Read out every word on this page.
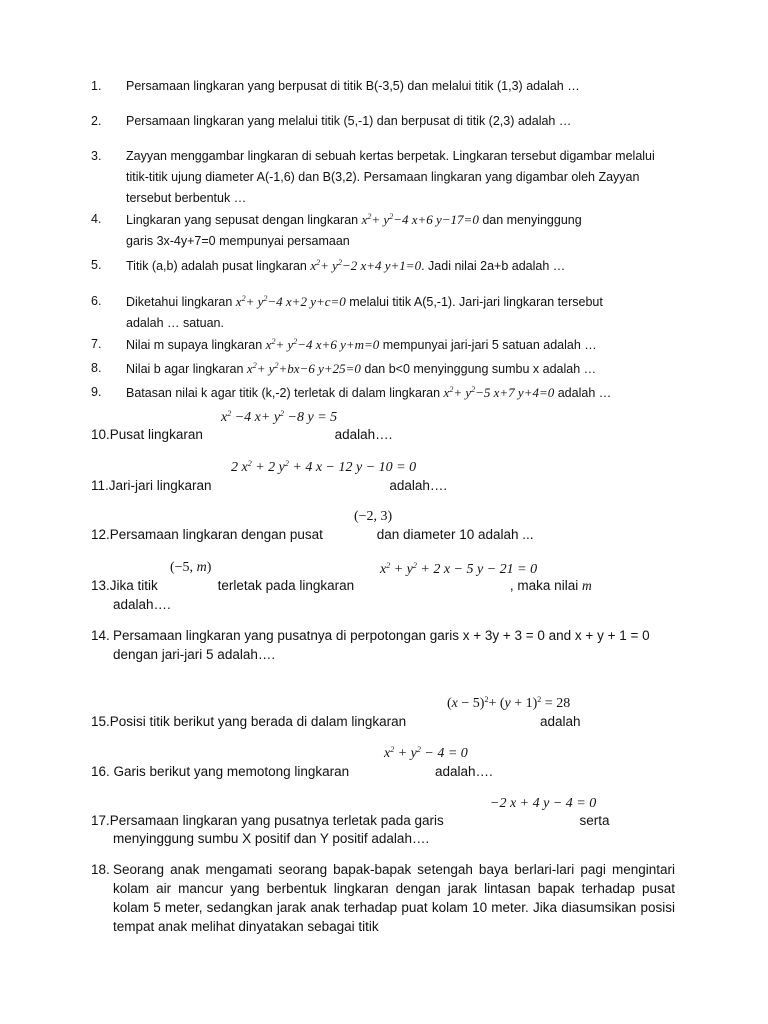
1. Persamaan lingkaran yang berpusat di titik B(-3,5) dan melalui titik (1,3) adalah …
2. Persamaan lingkaran yang melalui titik (5,-1) dan berpusat di titik (2,3) adalah …
3. Zayyan menggambar lingkaran di sebuah kertas berpetak. Lingkaran tersebut digambar melalui titik-titik ujung diameter A(-1,6) dan B(3,2). Persamaan lingkaran yang digambar oleh Zayyan tersebut berbentuk …
4. Lingkaran yang sepusat dengan lingkaran $x^2+ y^2-4$ x+6 y−17=0 dan menyinggung
garis 3x-4y+7=0 mempunyai persamaan
5. Titik (a,b) adalah pusat lingkaran $x^2+ y^2-2$ x+4 y+1=0. Jadi nilai 2a+b adalah …
6. Diketahui lingkaran $x^2+ y^2-4$ x+2 y+c=0 melalui titik A(5,-1). Jari-jari lingkaran tersebut
adalah … satuan.
7. Nilai m supaya lingkaran $x^2+ y^2-4$ x+6 y+m=0 mempunyai jari-jari 5 satuan adalah …
8. Nilai b agar lingkaran $x^2+ y^2+bx-6$ y+25=0 dan b<0 menyinggung sumbu x adalah …
9. Batasan nilai k agar titik (k,-2) terletak di dalam lingkaran $x^2+ y^2-5$ x+7 y+4=0 adalah …
$x^2 -4$ $x+ y^2 -8$ y = 5
10.Pusat lingkaran	adalah….
2 $x^2 + 2$ $y^2 + 4$ x − 12 y − 10 = 0
11.Jari-jari lingkaran	adalah….
(−2, 3)
12.Persamaan lingkaran dengan pusat	dan diameter 10 adalah ...
(−5, m)	$x^2 + y^2 + 2$ x − 5 y − 21 = 0
13.Jika titik	terletak pada lingkaran	, maka nilai m
adalah….
14. Persamaan lingkaran yang pusatnya di perpotongan garis x + 3y + 3 = 0 and x + y + 1 = 0 dengan jari-jari 5 adalah….
$(x - 5)^2+ (y + 1)^2 = 28$
15.Posisi titik berikut yang berada di dalam lingkaran	adalah
$x^2 + y^2 - 4 = 0$
16. Garis berikut yang memotong lingkaran	adalah….
−2 x + 4 y − 4 = 0
17.Persamaan lingkaran yang pusatnya terletak pada garis	serta
menyinggung sumbu X positif dan Y positif adalah….
18. Seorang anak mengamati seorang bapak-bapak setengah baya berlari-lari pagi mengintari kolam air mancur yang berbentuk lingkaran dengan jarak lintasan bapak terhadap pusat kolam 5 meter, sedangkan jarak anak terhadap puat kolam 10 meter. Jika diasumsikan posisi tempat anak melihat dinyatakan sebagai titik
